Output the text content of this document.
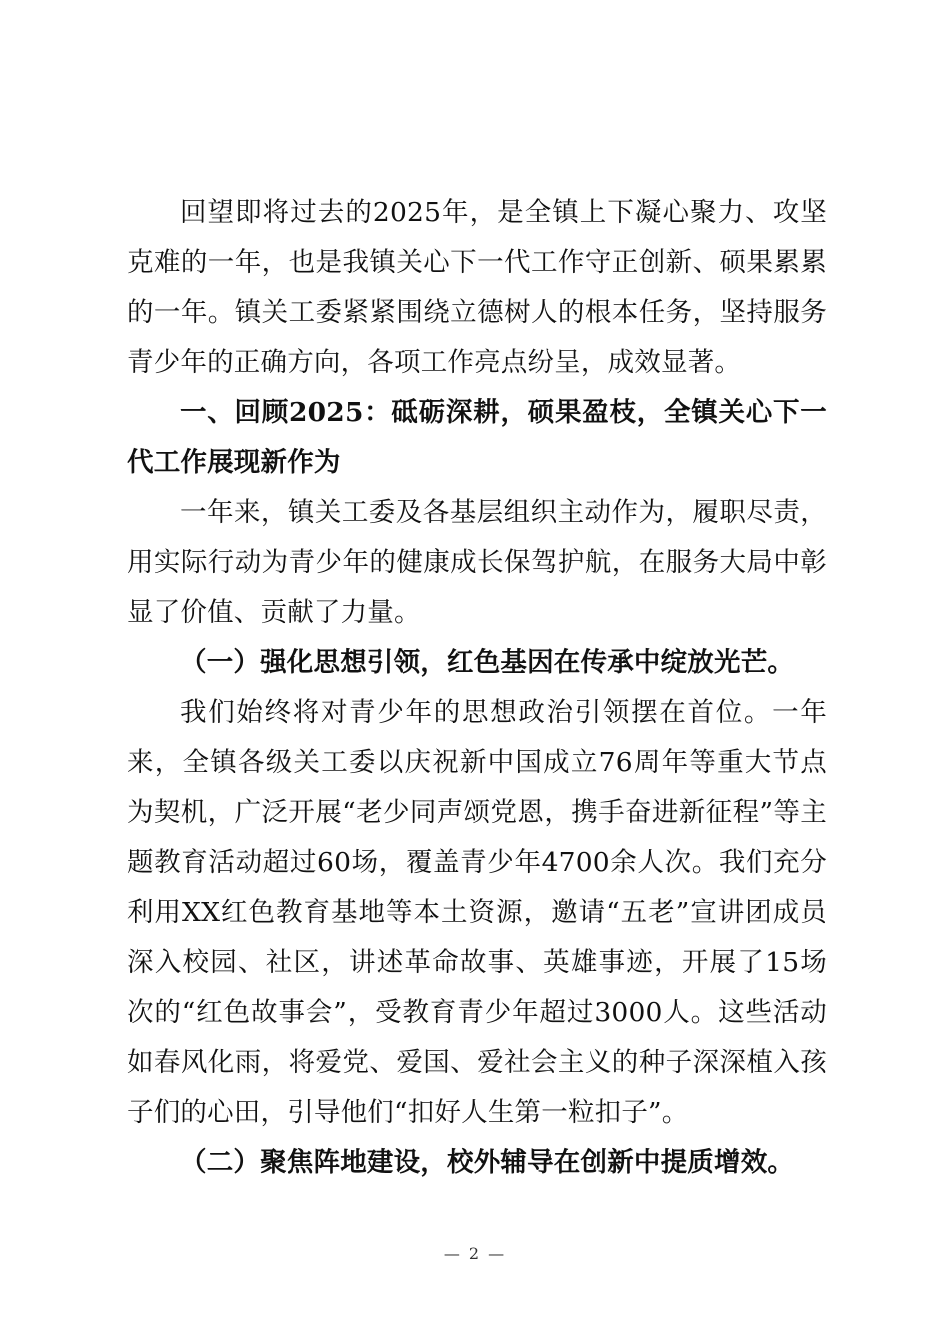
回望即将过去的2025年，是全镇上下凝心聚力、攻坚克难的一年，也是我镇关心下一代工作守正创新、硕果累累的一年。镇关工委紧紧围绕立德树人的根本任务，坚持服务青少年的正确方向，各项工作亮点纷呈，成效显著。

一、回顾2025：砥砺深耕，硕果盈枝，全镇关心下一代工作展现新作为

一年来，镇关工委及各基层组织主动作为，履职尽责，用实际行动为青少年的健康成长保驾护航，在服务大局中彰显了价值、贡献了力量。

（一）强化思想引领，红色基因在传承中绽放光芒。

我们始终将对青少年的思想政治引领摆在首位。一年来，全镇各级关工委以庆祝新中国成立76周年等重大节点为契机，广泛开展“老少同声颂党恩，携手奋进新征程”等主题教育活动超过60场，覆盖青少年4700余人次。我们充分利用XX红色教育基地等本土资源，邀请“五老”宣讲团成员深入校园、社区，讲述革命故事、英雄事迹，开展了15场次的“红色故事会”，受教育青少年超过3000人。这些活动如春风化雨，将爱党、爱国、爱社会主义的种子深深植入孩子们的心田，引导他们“扣好人生第一粒扣子”。

（二）聚焦阵地建设，校外辅导在创新中提质增效。

— 2 —
